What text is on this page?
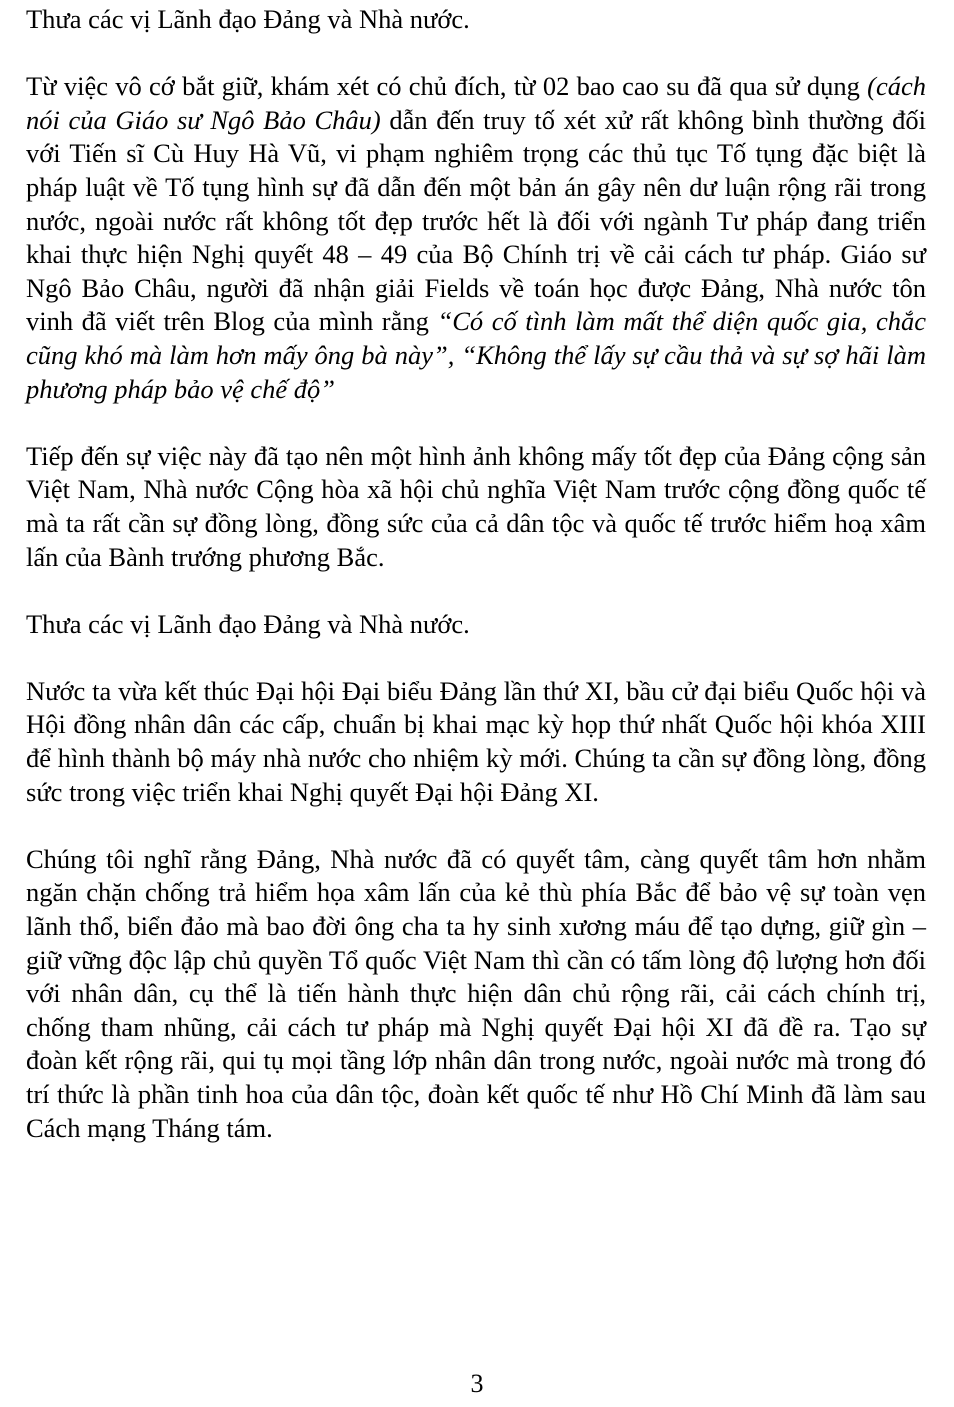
Thưa các vị Lãnh đạo Đảng và Nhà nước.

Từ việc vô cớ bắt giữ, khám xét có chủ đích, từ 02 bao cao su đã qua sử dụng (cách nói của Giáo sư Ngô Bảo Châu) dẫn đến truy tố xét xử rất không bình thường đối với Tiến sĩ Cù Huy Hà Vũ, vi phạm nghiêm trọng các thủ tục Tố tụng đặc biệt là pháp luật về Tố tụng hình sự đã dẫn đến một bản án gây nên dư luận rộng rãi trong nước, ngoài nước rất không tốt đẹp trước hết là đối với ngành Tư pháp đang triển khai thực hiện Nghị quyết 48 – 49 của Bộ Chính trị về cải cách tư pháp. Giáo sư Ngô Bảo Châu, người đã nhận giải Fields về toán học được Đảng, Nhà nước tôn vinh đã viết trên Blog của mình rằng “Có cố tình làm mất thể diện quốc gia, chắc cũng khó mà làm hơn mấy ông bà này”, “Không thể lấy sự cầu thả và sự sợ hãi làm phương pháp bảo vệ chế độ”

Tiếp đến sự việc này đã tạo nên một hình ảnh không mấy tốt đẹp của Đảng cộng sản Việt Nam, Nhà nước Cộng hòa xã hội chủ nghĩa Việt Nam trước cộng đồng quốc tế mà ta rất cần sự đồng lòng, đồng sức của cả dân tộc và quốc tế trước hiểm hoạ xâm lấn của Bành trướng phương Bắc.

Thưa các vị Lãnh đạo Đảng và Nhà nước.

Nước ta vừa kết thúc Đại hội Đại biểu Đảng lần thứ XI, bầu cử đại biểu Quốc hội và Hội đồng nhân dân các cấp, chuẩn bị khai mạc kỳ họp thứ nhất Quốc hội khóa XIII để hình thành bộ máy nhà nước cho nhiệm kỳ mới. Chúng ta cần sự đồng lòng, đồng sức trong việc triển khai Nghị quyết Đại hội Đảng XI.

Chúng tôi nghĩ rằng Đảng, Nhà nước đã có quyết tâm, càng quyết tâm hơn nhằm ngăn chặn chống trả hiểm họa xâm lấn của kẻ thù phía Bắc để bảo vệ sự toàn vẹn lãnh thổ, biển đảo mà bao đời ông cha ta hy sinh xương máu để tạo dựng, giữ gìn – giữ vững độc lập chủ quyền Tổ quốc Việt Nam thì cần có tấm lòng độ lượng hơn đối với nhân dân, cụ thể là tiến hành thực hiện dân chủ rộng rãi, cải cách chính trị, chống tham nhũng, cải cách tư pháp mà Nghị quyết Đại hội XI đã đề ra. Tạo sự đoàn kết rộng rãi, qui tụ mọi tầng lớp nhân dân trong nước, ngoài nước mà trong đó trí thức là phần tinh hoa của dân tộc, đoàn kết quốc tế như Hồ Chí Minh đã làm sau Cách mạng Tháng tám.

3
